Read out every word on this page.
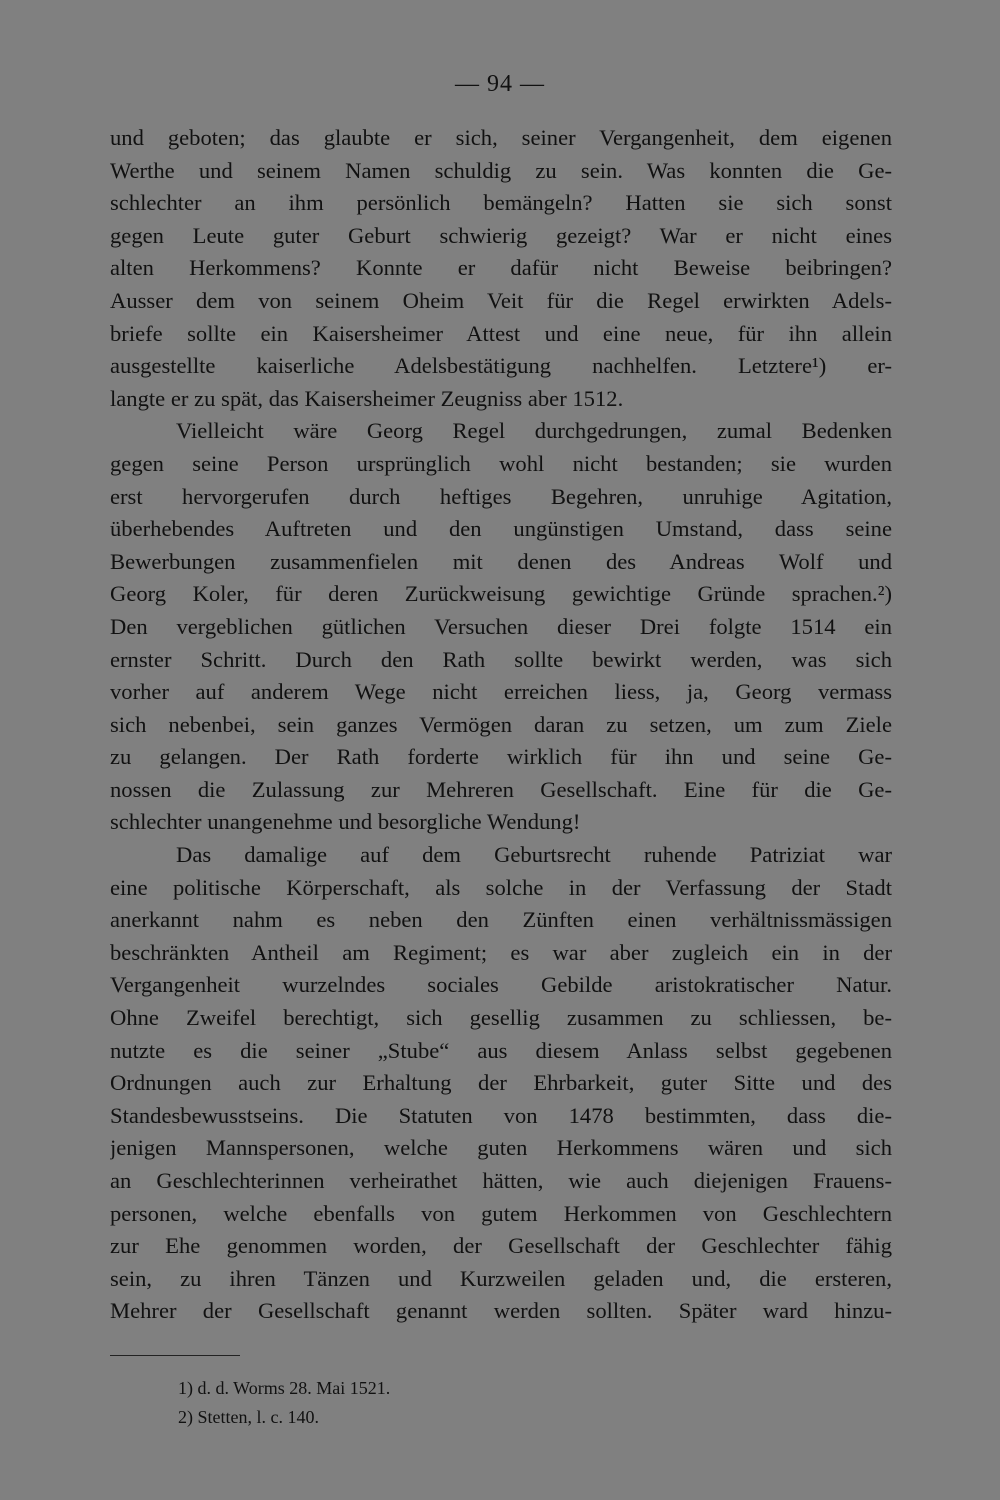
— 94 —
und geboten; das glaubte er sich, seiner Vergangenheit, dem eigenen
Werthe und seinem Namen schuldig zu sein. Was konnten die Ge-
schlechter an ihm persönlich bemängeln? Hatten sie sich sonst
gegen Leute guter Geburt schwierig gezeigt? War er nicht eines
alten Herkommens? Konnte er dafür nicht Beweise beibringen?
Ausser dem von seinem Oheim Veit für die Regel erwirkten Adels-
briefe sollte ein Kaisersheimer Attest und eine neue, für ihn allein
ausgestellte kaiserliche Adelsbestätigung nachhelfen. Letztere¹) er-
langte er zu spät, das Kaisersheimer Zeugniss aber 1512.
Vielleicht wäre Georg Regel durchgedrungen, zumal Bedenken
gegen seine Person ursprünglich wohl nicht bestanden; sie wurden
erst hervorgerufen durch heftiges Begehren, unruhige Agitation,
überhebendes Auftreten und den ungünstigen Umstand, dass seine
Bewerbungen zusammenfielen mit denen des Andreas Wolf und
Georg Koler, für deren Zurückweisung gewichtige Gründe sprachen.²)
Den vergeblichen gütlichen Versuchen dieser Drei folgte 1514 ein
ernster Schritt. Durch den Rath sollte bewirkt werden, was sich
vorher auf anderem Wege nicht erreichen liess, ja, Georg vermass
sich nebenbei, sein ganzes Vermögen daran zu setzen, um zum Ziele
zu gelangen. Der Rath forderte wirklich für ihn und seine Ge-
nossen die Zulassung zur Mehreren Gesellschaft. Eine für die Ge-
schlechter unangenehme und besorgliche Wendung!
Das damalige auf dem Geburtsrecht ruhende Patriziat war
eine politische Körperschaft, als solche in der Verfassung der Stadt
anerkannt nahm es neben den Zünften einen verhältnissmässigen
beschränkten Antheil am Regiment; es war aber zugleich ein in der
Vergangenheit wurzelndes sociales Gebilde aristokratischer Natur.
Ohne Zweifel berechtigt, sich gesellig zusammen zu schliessen, be-
nutzte es die seiner „Stube“ aus diesem Anlass selbst gegebenen
Ordnungen auch zur Erhaltung der Ehrbarkeit, guter Sitte und des
Standesbewusstseins. Die Statuten von 1478 bestimmten, dass die-
jenigen Mannspersonen, welche guten Herkommens wären und sich
an Geschlechterinnen verheirathet hätten, wie auch diejenigen Frauens-
personen, welche ebenfalls von gutem Herkommen von Geschlechtern
zur Ehe genommen worden, der Gesellschaft der Geschlechter fähig
sein, zu ihren Tänzen und Kurzweilen geladen und, die ersteren,
Mehrer der Gesellschaft genannt werden sollten. Später ward hinzu-
1) d. d. Worms 28. Mai 1521.
2) Stetten, l. c. 140.
